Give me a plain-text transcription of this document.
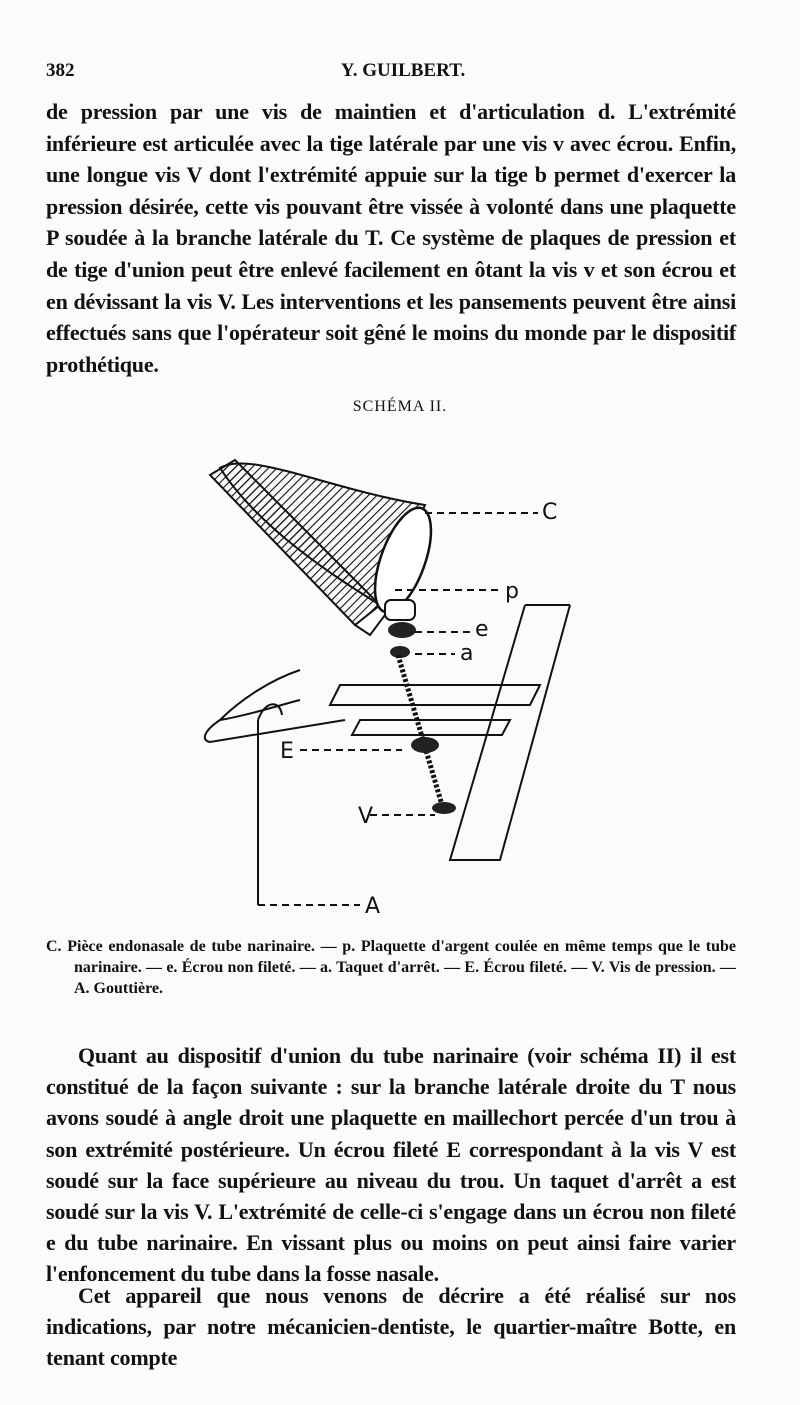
382	Y. GUILBERT.

de pression par une vis de maintien et d'articulation d. L'extrémité inférieure est articulée avec la tige latérale par une vis v avec écrou. Enfin, une longue vis V dont l'extrémité appuie sur la tige b permet d'exercer la pression désirée, cette vis pouvant être vissée à volonté dans une plaquette P soudée à la branche latérale du T. Ce système de plaques de pression et de tige d'union peut être enlevé facilement en ôtant la vis v et son écrou et en dévissant la vis V. Les interventions et les pansements peuvent être ainsi effectués sans que l'opérateur soit gêné le moins du monde par le dispositif prothétique.

SCHÉMA II.
C
p
e
a
E
V
A
C. Pièce endonasale de tube narinaire. — p. Plaquette d'argent coulée en même temps que le tube narinaire. — e. Écrou non fileté. — a. Taquet d'arrêt. — E. Écrou fileté. — V. Vis de pression. — A. Gouttière.

Quant au dispositif d'union du tube narinaire (voir schéma II) il est constitué de la façon suivante : sur la branche latérale droite du T nous avons soudé à angle droit une plaquette en maillechort percée d'un trou à son extrémité postérieure. Un écrou fileté E correspondant à la vis V est soudé sur la face supérieure au niveau du trou. Un taquet d'arrêt a est soudé sur la vis V. L'extrémité de celle-ci s'engage dans un écrou non fileté e du tube narinaire. En vissant plus ou moins on peut ainsi faire varier l'enfoncement du tube dans la fosse nasale.

Cet appareil que nous venons de décrire a été réalisé sur nos indications, par notre mécanicien-dentiste, le quartier-maître Botte, en tenant compte
